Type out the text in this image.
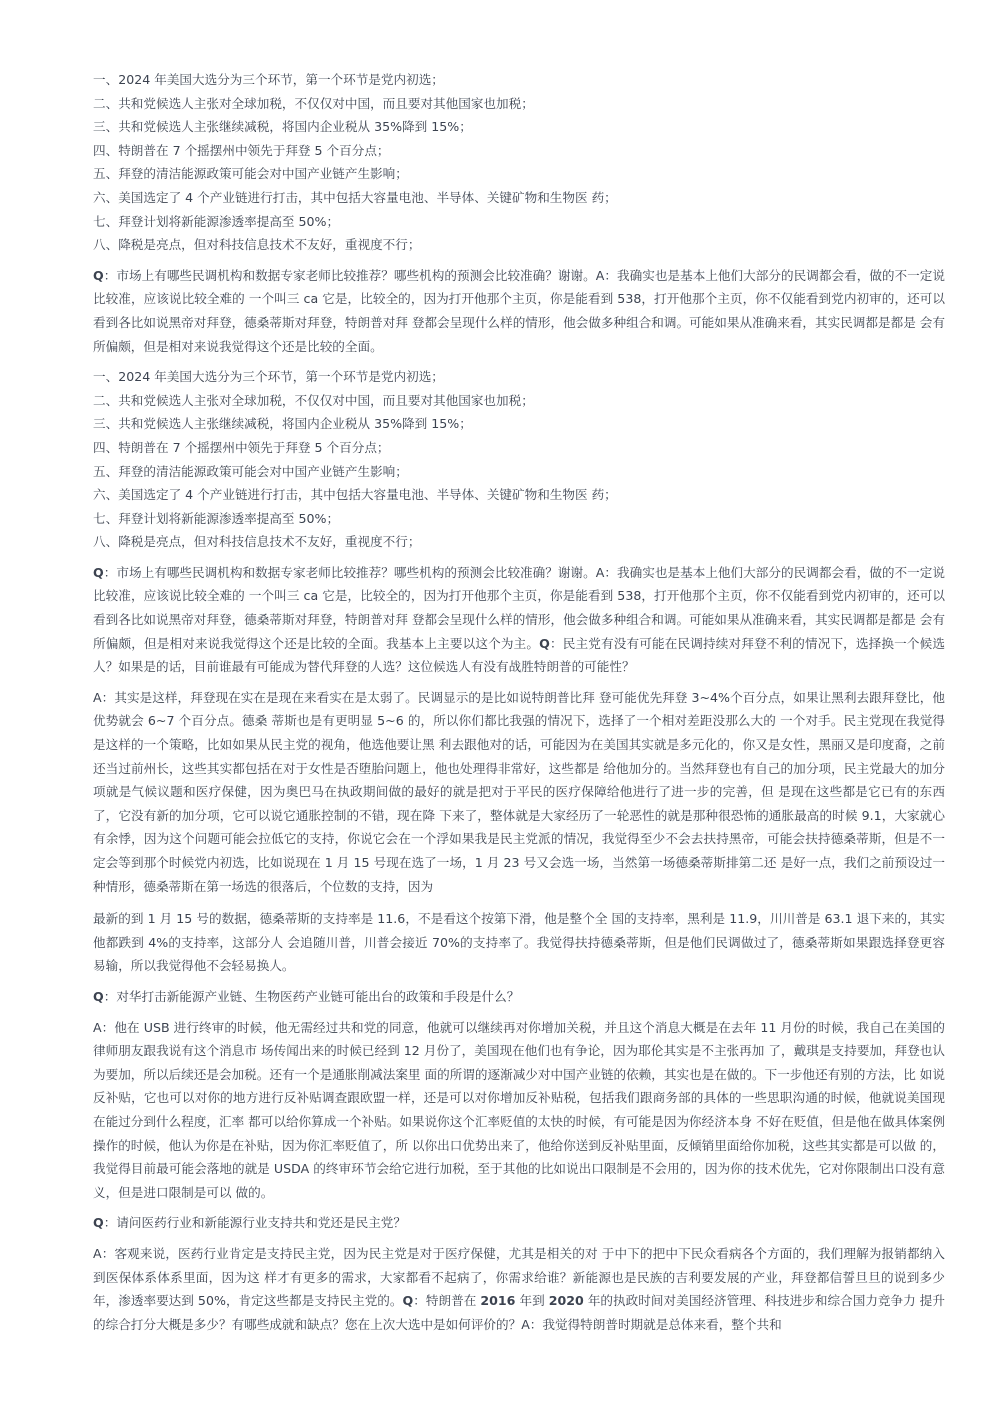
一、2024 年美国大选分为三个环节，第一个环节是党内初选；

二、共和党候选人主张对全球加税，不仅仅对中国，而且要对其他国家也加税；

三、共和党候选人主张继续减税，将国内企业税从 35%降到 15%；

四、特朗普在 7 个摇摆州中领先于拜登 5 个百分点；

五、拜登的清洁能源政策可能会对中国产业链产生影响；

六、美国选定了 4 个产业链进行打击，其中包括大容量电池、半导体、关键矿物和生物医 药；

七、拜登计划将新能源渗透率提高至 50%；

八、降税是亮点，但对科技信息技术不友好，重视度不行；

Q：市场上有哪些民调机构和数据专家老师比较推荐？哪些机构的预测会比较准确？谢谢。A：我确实也是基本上他们大部分的民调都会看，做的不一定说比较准，应该说比较全难的 一个叫三 ca 它是，比较全的，因为打开他那个主页，你是能看到 538，打开他那个主页，你不仅能看到党内初审的，还可以看到各比如说黑帝对拜登，德桑蒂斯对拜登，特朗普对拜 登都会呈现什么样的情形，他会做多种组合和调。可能如果从准确来看，其实民调都是都是 会有所偏颇，但是相对来说我觉得这个还是比较的全面。

一、2024 年美国大选分为三个环节，第一个环节是党内初选；

二、共和党候选人主张对全球加税，不仅仅对中国，而且要对其他国家也加税；

三、共和党候选人主张继续减税，将国内企业税从 35%降到 15%；

四、特朗普在 7 个摇摆州中领先于拜登 5 个百分点；

五、拜登的清洁能源政策可能会对中国产业链产生影响；

六、美国选定了 4 个产业链进行打击，其中包括大容量电池、半导体、关键矿物和生物医 药；

七、拜登计划将新能源渗透率提高至 50%；

八、降税是亮点，但对科技信息技术不友好，重视度不行；

Q：市场上有哪些民调机构和数据专家老师比较推荐？哪些机构的预测会比较准确？谢谢。A：我确实也是基本上他们大部分的民调都会看，做的不一定说比较准，应该说比较全难的 一个叫三 ca 它是，比较全的，因为打开他那个主页，你是能看到 538，打开他那个主页，你不仅能看到党内初审的，还可以看到各比如说黑帝对拜登，德桑蒂斯对拜登，特朗普对拜 登都会呈现什么样的情形，他会做多种组合和调。可能如果从准确来看，其实民调都是都是 会有所偏颇，但是相对来说我觉得这个还是比较的全面。我基本上主要以这个为主。Q：民主党有没有可能在民调持续对拜登不利的情况下，选择换一个候选人？如果是的话，目前谁最有可能成为替代拜登的人选？这位候选人有没有战胜特朗普的可能性？

A：其实是这样，拜登现在实在是现在来看实在是太弱了。民调显示的是比如说特朗普比拜 登可能优先拜登 3~4%个百分点，如果让黑利去跟拜登比，他优势就会 6~7 个百分点。德桑 蒂斯也是有更明显 5~6 的，所以你们都比我强的情况下，选择了一个相对差距没那么大的 一个对手。民主党现在我觉得是这样的一个策略，比如如果从民主党的视角，他选他要让黑 利去跟他对的话，可能因为在美国其实就是多元化的，你又是女性，黑丽又是印度裔，之前 还当过前州长，这些其实都包括在对于女性是否堕胎问题上，他也处理得非常好，这些都是 给他加分的。当然拜登也有自己的加分项，民主党最大的加分项就是气候议题和医疗保健，因为奥巴马在执政期间做的最好的就是把对于平民的医疗保障给他进行了进一步的完善，但 是现在这些都是它已有的东西了，它没有新的加分项，它可以说它通胀控制的不错，现在降 下来了，整体就是大家经历了一轮恶性的就是那种很恐怖的通胀最高的时候 9.1，大家就心 有余悸，因为这个问题可能会拉低它的支持，你说它会在一个浮如果我是民主党派的情况，我觉得至少不会去扶持黑帝，可能会扶持德桑蒂斯，但是不一定会等到那个时候党内初选，比如说现在 1 月 15 号现在选了一场，1 月 23 号又会选一场，当然第一场德桑蒂斯排第二还 是好一点，我们之前预设过一种情形，德桑蒂斯在第一场选的很落后，个位数的支持，因为

最新的到 1 月 15 号的数据，德桑蒂斯的支持率是 11.6，不是看这个按第下滑，他是整个全 国的支持率，黑利是 11.9，川川普是 63.1 退下来的，其实他都跌到 4%的支持率，这部分人 会追随川普，川普会接近 70%的支持率了。我觉得扶持德桑蒂斯，但是他们民调做过了，德桑蒂斯如果跟选择登更容易输，所以我觉得他不会轻易换人。

Q：对华打击新能源产业链、生物医药产业链可能出台的政策和手段是什么？

A：他在 USB 进行终审的时候，他无需经过共和党的同意，他就可以继续再对你增加关税，并且这个消息大概是在去年 11 月份的时候，我自己在美国的律师朋友跟我说有这个消息市 场传闻出来的时候已经到 12 月份了，美国现在他们也有争论，因为耶伦其实是不主张再加 了，戴琪是支持要加，拜登也认为要加，所以后续还是会加税。还有一个是通胀削减法案里 面的所谓的逐渐减少对中国产业链的依赖，其实也是在做的。下一步他还有别的方法，比 如说反补贴，它也可以对你的地方进行反补贴调查跟欧盟一样，还是可以对你增加反补贴税，包括我们跟商务部的具体的一些思职沟通的时候，他就说美国现在能过分到什么程度，汇率 都可以给你算成一个补贴。如果说你这个汇率贬值的太快的时候，有可能是因为你经济本身 不好在贬值，但是他在做具体案例操作的时候，他认为你是在补贴，因为你汇率贬值了，所 以你出口优势出来了，他给你送到反补贴里面，反倾销里面给你加税，这些其实都是可以做 的，我觉得目前最可能会落地的就是 USDA 的终审环节会给它进行加税，至于其他的比如说出口限制是不会用的，因为你的技术优先，它对你限制出口没有意义，但是进口限制是可以 做的。

Q：请问医药行业和新能源行业支持共和党还是民主党？

A：客观来说，医药行业肯定是支持民主党，因为民主党是对于医疗保健，尤其是相关的对 于中下的把中下民众看病各个方面的，我们理解为报销都纳入到医保体系体系里面，因为这 样才有更多的需求，大家都看不起病了，你需求给谁？新能源也是民族的吉利要发展的产业，拜登都信誓旦旦的说到多少年，渗透率要达到 50%，肯定这些都是支持民主党的。Q：特朗普在 2016 年到 2020 年的执政时间对美国经济管理、科技进步和综合国力竞争力 提升的综合打分大概是多少？有哪些成就和缺点？您在上次大选中是如何评价的？A：我觉得特朗普时期就是总体来看，整个共和
